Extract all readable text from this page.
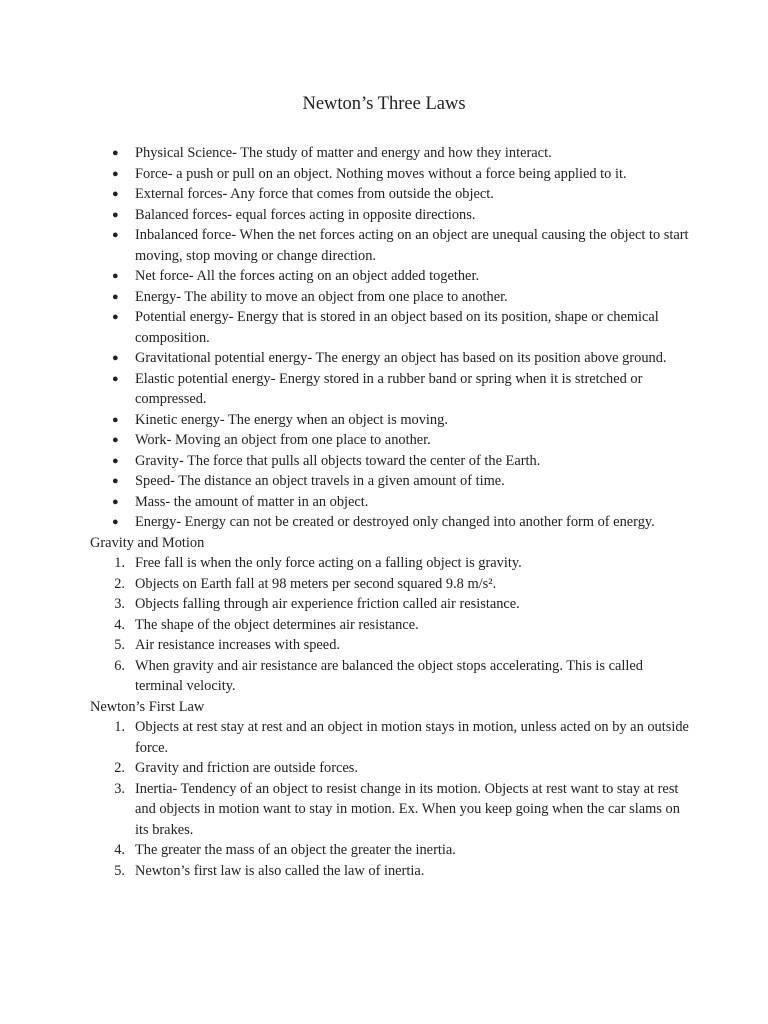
Newton’s Three Laws
● Physical Science- The study of matter and energy and how they interact.
● Force- a push or pull on an object. Nothing moves without a force being applied to it.
● External forces- Any force that comes from outside the object.
● Balanced forces- equal forces acting in opposite directions.
● Inbalanced force- When the net forces acting on an object are unequal causing the object to start moving, stop moving or change direction.
● Net force- All the forces acting on an object added together.
● Energy- The ability to move an object from one place to another.
● Potential energy- Energy that is stored in an object based on its position, shape or chemical composition.
● Gravitational potential energy- The energy an object has based on its position above ground.
● Elastic potential energy- Energy stored in a rubber band or spring when it is stretched or compressed.
● Kinetic energy- The energy when an object is moving.
● Work- Moving an object from one place to another.
● Gravity- The force that pulls all objects toward the center of the Earth.
● Speed- The distance an object travels in a given amount of time.
● Mass- the amount of matter in an object.
● Energy- Energy can not be created or destroyed only changed into another form of energy.
Gravity and Motion
1. Free fall is when the only force acting on a falling object is gravity.
2. Objects on Earth fall at 98 meters per second squared 9.8 m/s².
3. Objects falling through air experience friction called air resistance.
4. The shape of the object determines air resistance.
5. Air resistance increases with speed.
6. When gravity and air resistance are balanced the object stops accelerating. This is called terminal velocity.
Newton’s First Law
1. Objects at rest stay at rest and an object in motion stays in motion, unless acted on by an outside force.
2. Gravity and friction are outside forces.
3. Inertia- Tendency of an object to resist change in its motion. Objects at rest want to stay at rest and objects in motion want to stay in motion. Ex. When you keep going when the car slams on its brakes.
4. The greater the mass of an object the greater the inertia.
5. Newton’s first law is also called the law of inertia.
